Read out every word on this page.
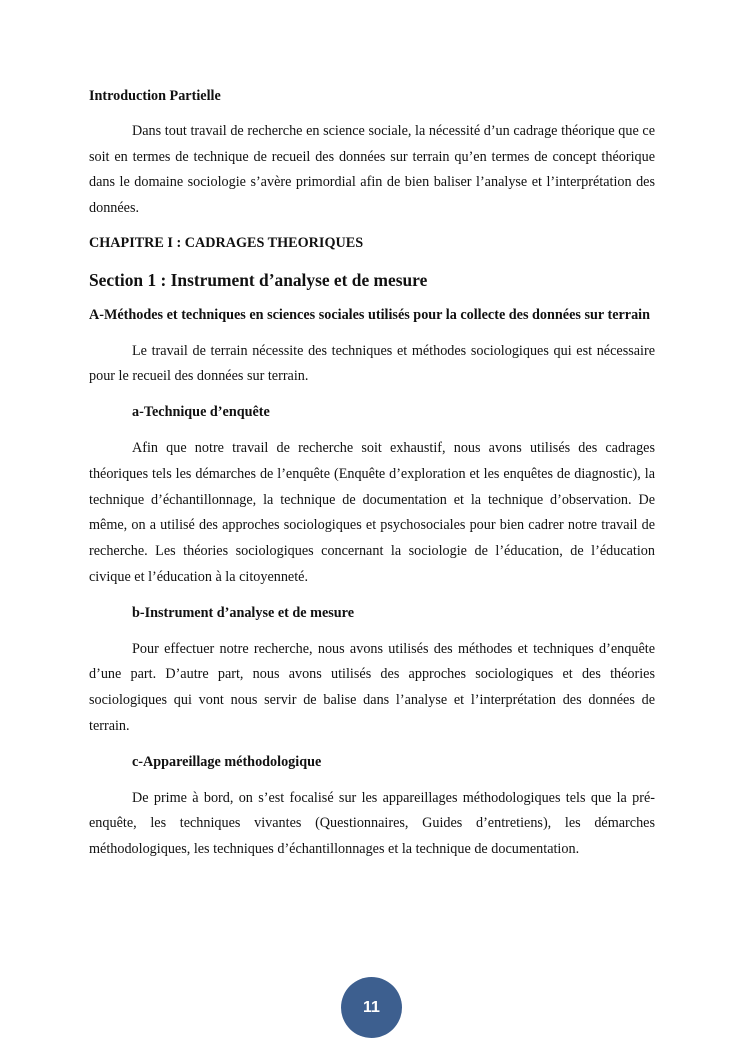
Introduction Partielle

Dans tout travail de recherche en science sociale, la nécessité d’un cadrage théorique que ce soit en termes de technique de recueil des données sur terrain qu’en termes de concept théorique dans le domaine sociologie s’avère primordial afin de bien baliser l’analyse et l’interprétation des données.

CHAPITRE I : CADRAGES THEORIQUES

Section 1 : Instrument d’analyse et de mesure

A-Méthodes et techniques en sciences sociales utilisés pour la collecte des données sur terrain

Le travail de terrain nécessite des techniques et méthodes sociologiques qui est nécessaire pour le recueil des données sur terrain.

a-Technique d’enquête

Afin que notre travail de recherche soit exhaustif, nous avons utilisés des cadrages théoriques tels les démarches de l’enquête (Enquête d’exploration et les enquêtes de diagnostic), la technique d’échantillonnage, la technique de documentation et la technique d’observation. De même, on a utilisé des approches sociologiques et psychosociales pour bien cadrer notre travail de recherche. Les théories sociologiques concernant la sociologie de l’éducation, de l’éducation civique et l’éducation à la citoyenneté.

b-Instrument d’analyse et de mesure

Pour effectuer notre recherche, nous avons utilisés des méthodes et techniques d’enquête d’une part. D’autre part, nous avons utilisés des approches sociologiques et des théories sociologiques qui vont nous servir de balise dans l’analyse et l’interprétation des données de terrain.

c-Appareillage méthodologique

De prime à bord, on s’est focalisé sur les appareillages méthodologiques tels que la pré-enquête, les techniques vivantes (Questionnaires, Guides d’entretiens), les démarches méthodologiques, les techniques d’échantillonnages et la technique de documentation.

11
